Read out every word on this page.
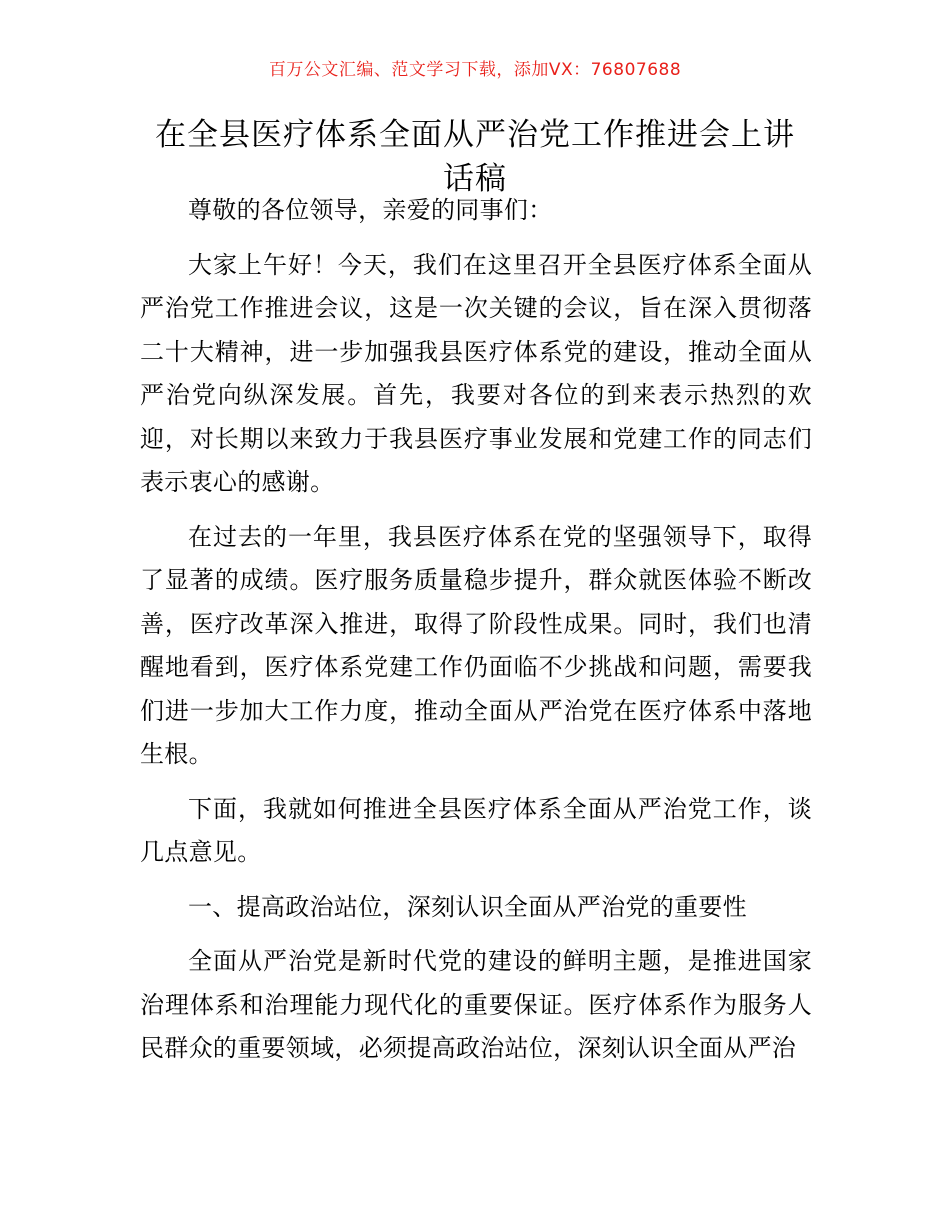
百万公文汇编、范文学习下载，添加VX：76807688
在全县医疗体系全面从严治党工作推进会上讲话稿

尊敬的各位领导，亲爱的同事们：

大家上午好！今天，我们在这里召开全县医疗体系全面从严治党工作推进会议，这是一次关键的会议，旨在深入贯彻落二十大精神，进一步加强我县医疗体系党的建设，推动全面从严治党向纵深发展。首先，我要对各位的到来表示热烈的欢迎，对长期以来致力于我县医疗事业发展和党建工作的同志们表示衷心的感谢。

在过去的一年里，我县医疗体系在党的坚强领导下，取得了显著的成绩。医疗服务质量稳步提升，群众就医体验不断改善，医疗改革深入推进，取得了阶段性成果。同时，我们也清醒地看到，医疗体系党建工作仍面临不少挑战和问题，需要我们进一步加大工作力度，推动全面从严治党在医疗体系中落地生根。

下面，我就如何推进全县医疗体系全面从严治党工作，谈几点意见。

一、提高政治站位，深刻认识全面从严治党的重要性

全面从严治党是新时代党的建设的鲜明主题，是推进国家治理体系和治理能力现代化的重要保证。医疗体系作为服务人民群众的重要领域，必须提高政治站位，深刻认识全面从严治
